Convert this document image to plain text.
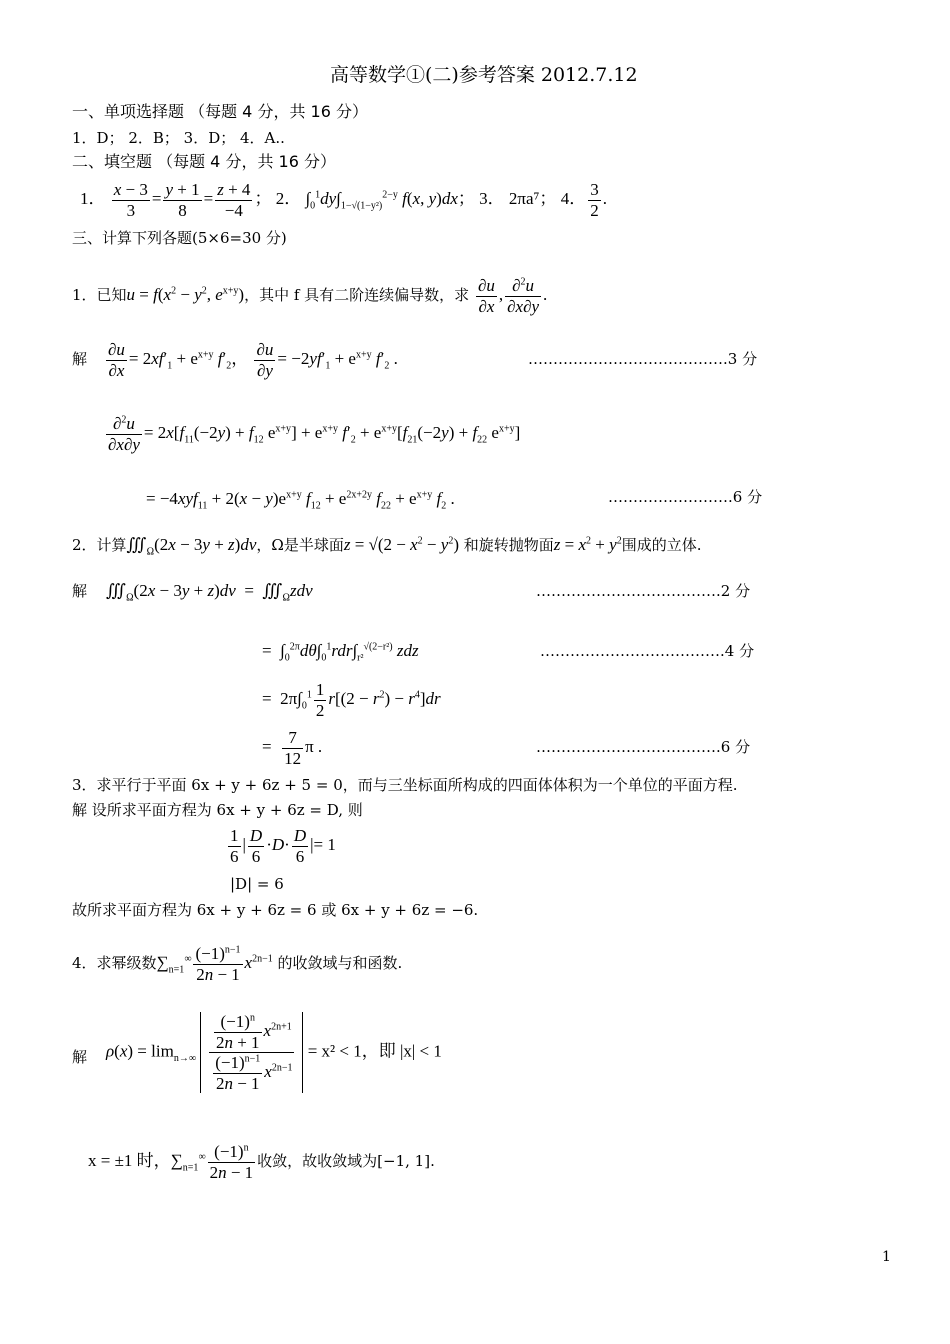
高等数学①(二)参考答案 2012.7.12
一、单项选择题 （每题 4 分，共 16 分）
1．D； 2．B； 3．D； 4．A..
二、填空题 （每题 4 分，共 16 分）
1． $\frac{x - 3}{3} = \frac{y + 1}{8} = \frac{z + 4}{-4}$ ； 2． $\int_0^1dy\int_{1-√(1-y^2)}^{2-y}$ f(x, y)dx； 3． 2πa⁷； 4． $\frac{3}{2}$ .
三、计算下列各题(5×6=30 分)
1．已知$u = f(x^2 - y^2$, $e^{x+y}$)，其中 f 具有二阶连续偏导数，求 $\frac{\partial u}{\partial x}$ , $\frac{\partial^2u}{\partial x\partial y}$ .
解 $\frac{\partial u}{\partial x} = 2xf'_1 + e^{x+y}$ $f'_2$， $\frac{\partial u}{\partial y} = -2yf'_1 + e^{x+y}$ $f'_2$ .	………………………………….3 分
$\frac{\partial^2u}{\partial x\partial y} = 2x[f_{11}(-2y) + f_{12}$ $e^{x+y}] + e^{x+y}$ $f'_2 + e^{x+y}[f_{21}(-2y) + f_{22}$ $e^{x+y}$]
= $-4xyf_{11} + 2(x - y)e^{x+y}$ $f_{12} + e^{2x+2y}$ $f_{22} + e^{x+y}$ $f_2$ .	…………………….6 分
2．计算$∭_\Omega(2x - 3y + z)dv$，Ω是半球面$z = √(2 - x^2 - y^2)$ 和旋转抛物面$z = x^2 + y^2$围成的立体.
解 $∭_\Omega(2x - 3y + z)dv$  =  $∭_\Omega zdv$	……………………………….2 分
=  $\int_0^{2\pi}d\theta\int_0^1rdr\int_{r^2}^{√(2-r^2)}$ zdz	……………………………….4 分
=  $2\pi\int_0^1 \frac{1}{2} r[(2 - r^2) - r^4]dr$
= $\frac{7}{12}$ π .	……………………………….6 分
3．求平行于平面 6x + y + 6z + 5 = 0，而与三坐标面所构成的四面体体积为一个单位的平面方程.
解 设所求平面方程为 6x + y + 6z = D, 则
$\frac{1}{6}$ | $\frac{D}{6} \cdot D\cdot \frac{D}{6}$ |= 1
|D| = 6
故所求平面方程为 6x + y + 6z = 6 或 6x + y + 6z = −6.
4．求幂级数$\sum_{n=1}^\infty \frac{(-1)^{n-1}}{2n - 1} x^{2n-1}$ 的收敛域与和函数.
解 $\rho(x) = \lim_{n\to\infty} \frac{\frac{(-1)^n}{2n + 1} x^{2n+1}}{\frac{(-1)^{n-1}}{2n - 1} x^{2n-1}} = x^2 < 1$，即 |x| < 1
x = ±1 时，$\sum_{n=1}^\infty \frac{(-1)^n}{2n - 1}$ 收敛，故收敛域为[−1, 1].
1
